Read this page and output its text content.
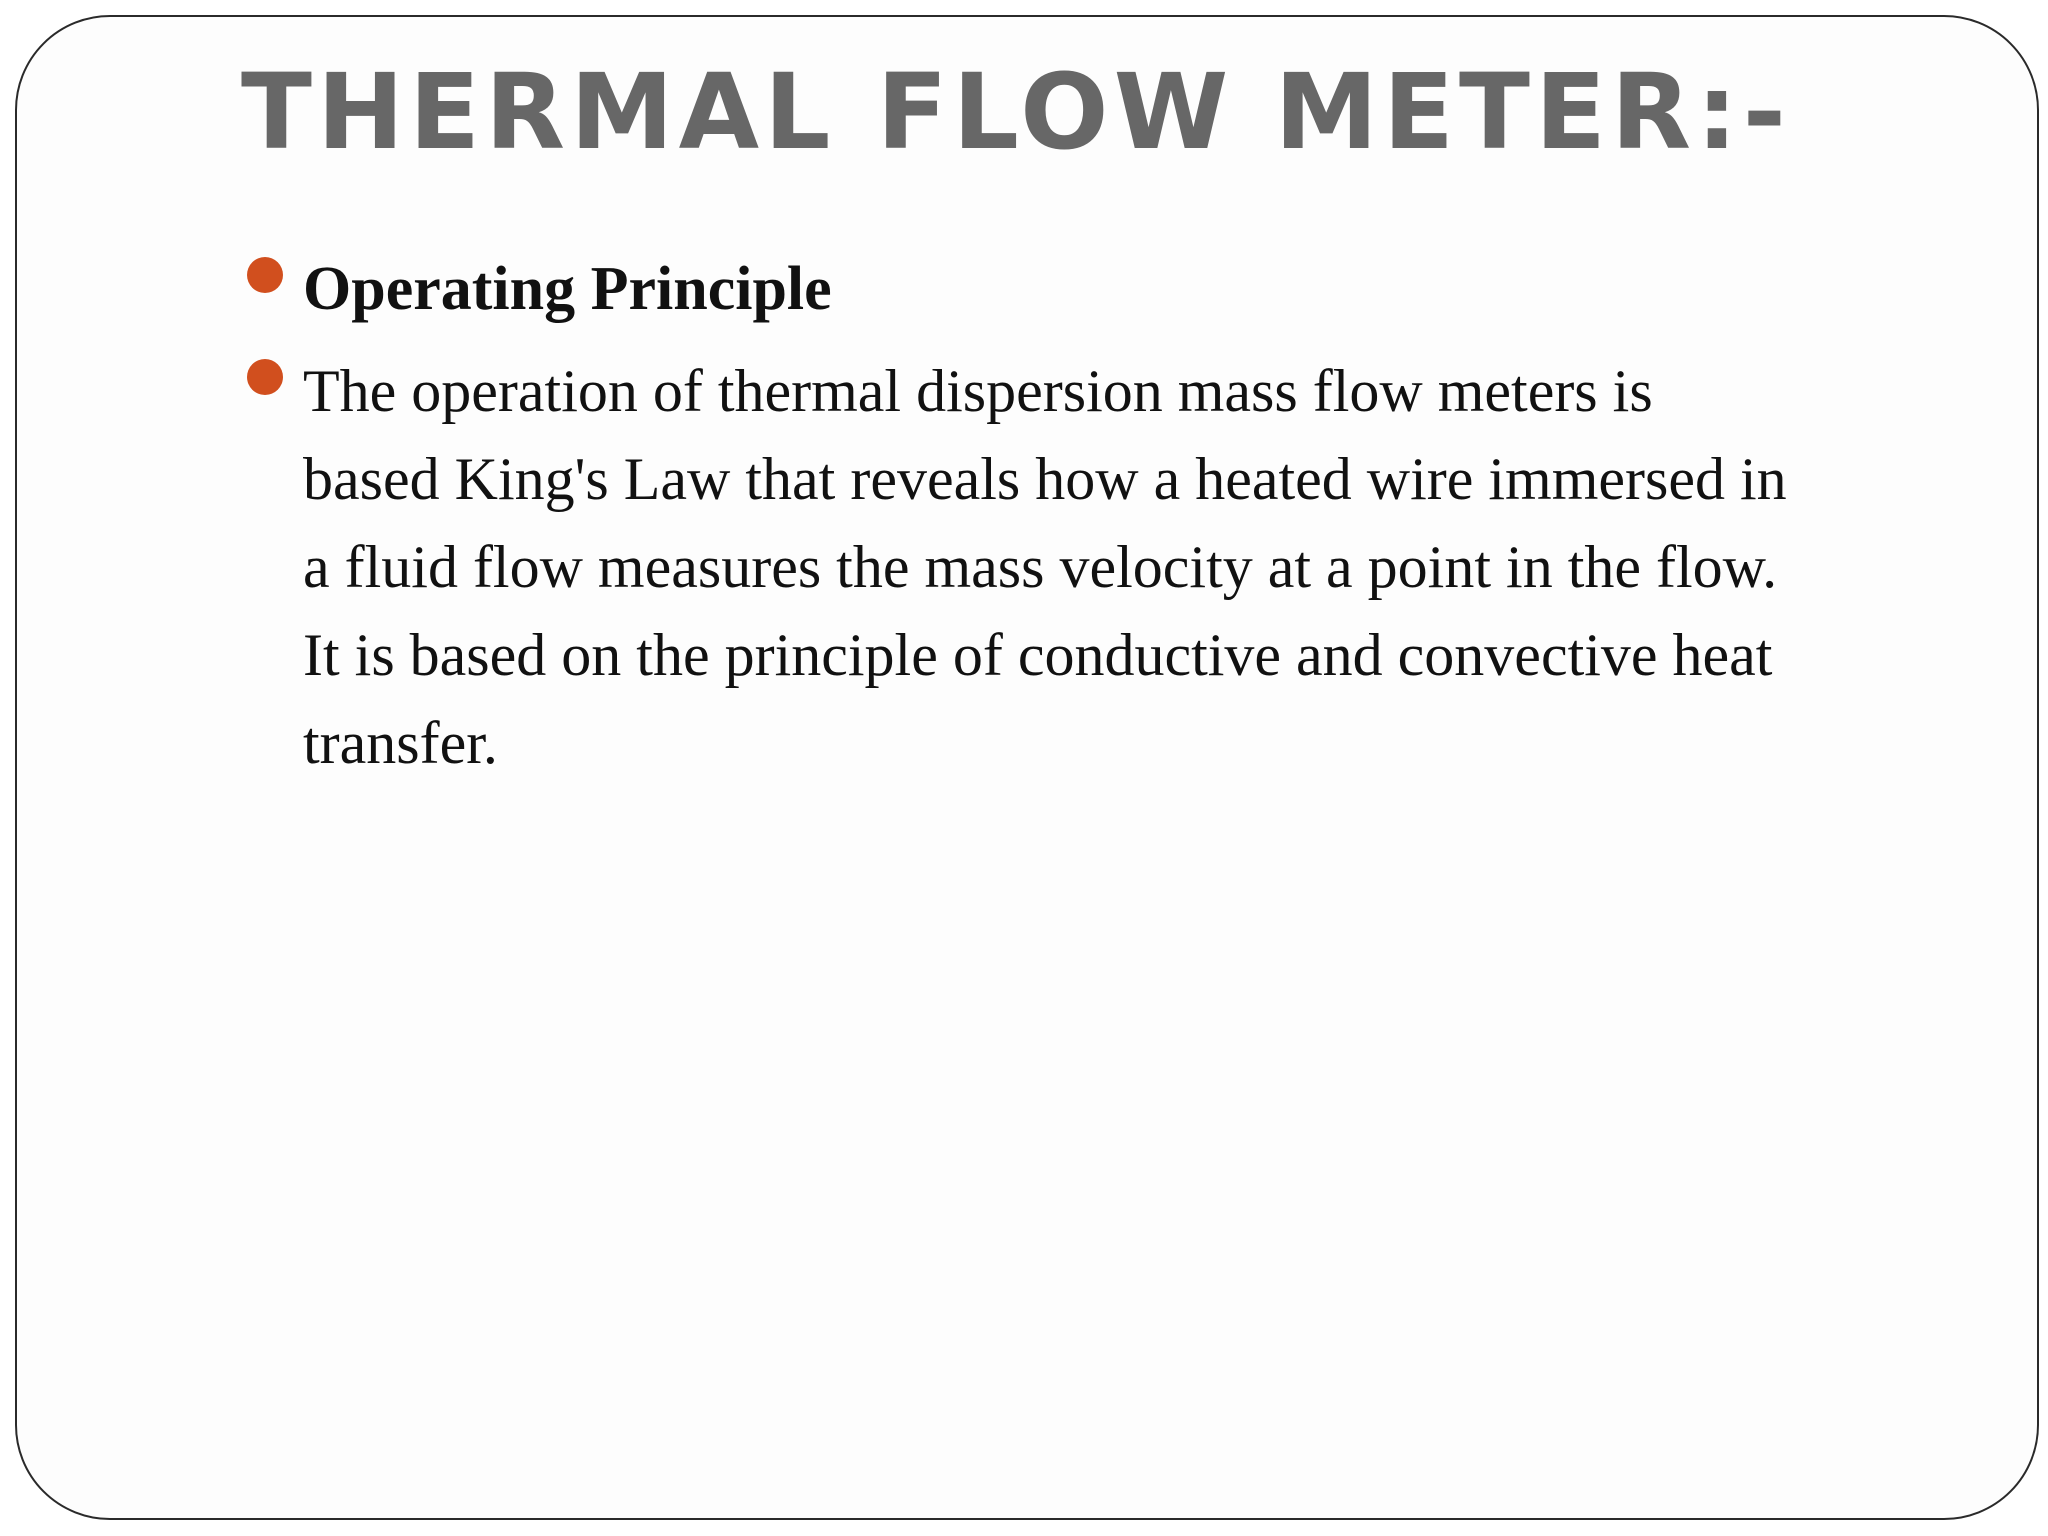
THERMAL FLOW METER:-
Operating Principle
The operation of thermal dispersion mass flow meters is
based King's Law that reveals how a heated wire immersed in
a fluid flow measures the mass velocity at a point in the flow.
It is based on the principle of conductive and convective heat
transfer.
